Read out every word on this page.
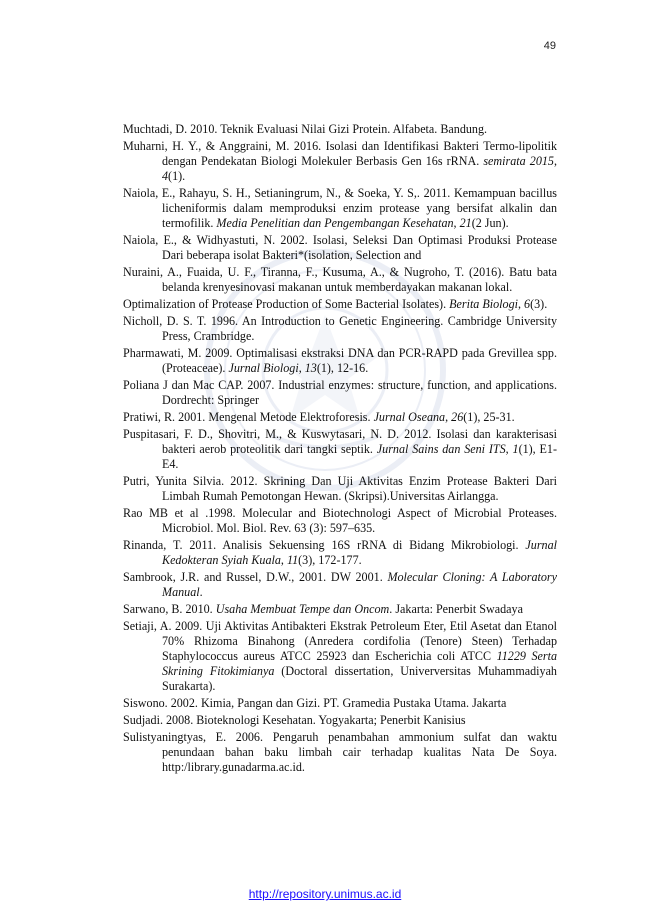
49
Muchtadi, D. 2010. Teknik Evaluasi Nilai Gizi Protein. Alfabeta. Bandung.
Muharni, H. Y., & Anggraini, M. 2016. Isolasi dan Identifikasi Bakteri Termo-lipolitik dengan Pendekatan Biologi Molekuler Berbasis Gen 16s rRNA. semirata 2015, 4(1).
Naiola, E., Rahayu, S. H., Setianingrum, N., & Soeka, Y. S,. 2011. Kemampuan bacillus licheniformis dalam memproduksi enzim protease yang bersifat alkalin dan termofilik. Media Penelitian dan Pengembangan Kesehatan, 21(2 Jun).
Naiola, E., & Widhyastuti, N. 2002. Isolasi, Seleksi Dan Optimasi Produksi Protease Dari beberapa isolat Bakteri*(isolation, Selection and
Nuraini, A., Fuaida, U. F., Tiranna, F., Kusuma, A., & Nugroho, T. (2016). Batu bata belanda krenyesinovasi makanan untuk memberdayakan makanan lokal.
Optimalization of Protease Production of Some Bacterial Isolates). Berita Biologi, 6(3).
Nicholl, D. S. T. 1996. An Introduction to Genetic Engineering. Cambridge University Press, Crambridge.
Pharmawati, M. 2009. Optimalisasi ekstraksi DNA dan PCR-RAPD pada Grevillea spp.(Proteaceae). Jurnal Biologi, 13(1), 12-16.
Poliana J dan Mac CAP. 2007. Industrial enzymes: structure, function, and applications. Dordrecht: Springer
Pratiwi, R. 2001. Mengenal Metode Elektroforesis. Jurnal Oseana, 26(1), 25-31.
Puspitasari, F. D., Shovitri, M., & Kuswytasari, N. D. 2012. Isolasi dan karakterisasi bakteri aerob proteolitik dari tangki septik. Jurnal Sains dan Seni ITS, 1(1), E1-E4.
Putri, Yunita Silvia. 2012. Skrining Dan Uji Aktivitas Enzim Protease Bakteri Dari Limbah Rumah Pemotongan Hewan. (Skripsi).Universitas Airlangga.
Rao MB et al .1998. Molecular and Biotechnologi Aspect of Microbial Proteases. Microbiol. Mol. Biol. Rev. 63 (3): 597–635.
Rinanda, T. 2011. Analisis Sekuensing 16S rRNA di Bidang Mikrobiologi. Jurnal Kedokteran Syiah Kuala, 11(3), 172-177.
Sambrook, J.R. and Russel, D.W., 2001. DW 2001. Molecular Cloning: A Laboratory Manual.
Sarwano, B. 2010. Usaha Membuat Tempe dan Oncom. Jakarta: Penerbit Swadaya
Setiaji, A. 2009. Uji Aktivitas Antibakteri Ekstrak Petroleum Eter, Etil Asetat dan Etanol 70% Rhizoma Binahong (Anredera cordifolia (Tenore) Steen) Terhadap Staphylococcus aureus ATCC 25923 dan Escherichia coli ATCC 11229 Serta Skrining Fitokimianya (Doctoral dissertation, Univerversitas Muhammadiyah Surakarta).
Siswono. 2002. Kimia, Pangan dan Gizi. PT. Gramedia Pustaka Utama. Jakarta
Sudjadi. 2008. Bioteknologi Kesehatan. Yogyakarta; Penerbit Kanisius
Sulistyaningtyas, E. 2006. Pengaruh penambahan ammonium sulfat dan waktu penundaan bahan baku limbah cair terhadap kualitas Nata De Soya. http:/library.gunadarma.ac.id.
http://repository.unimus.ac.id
